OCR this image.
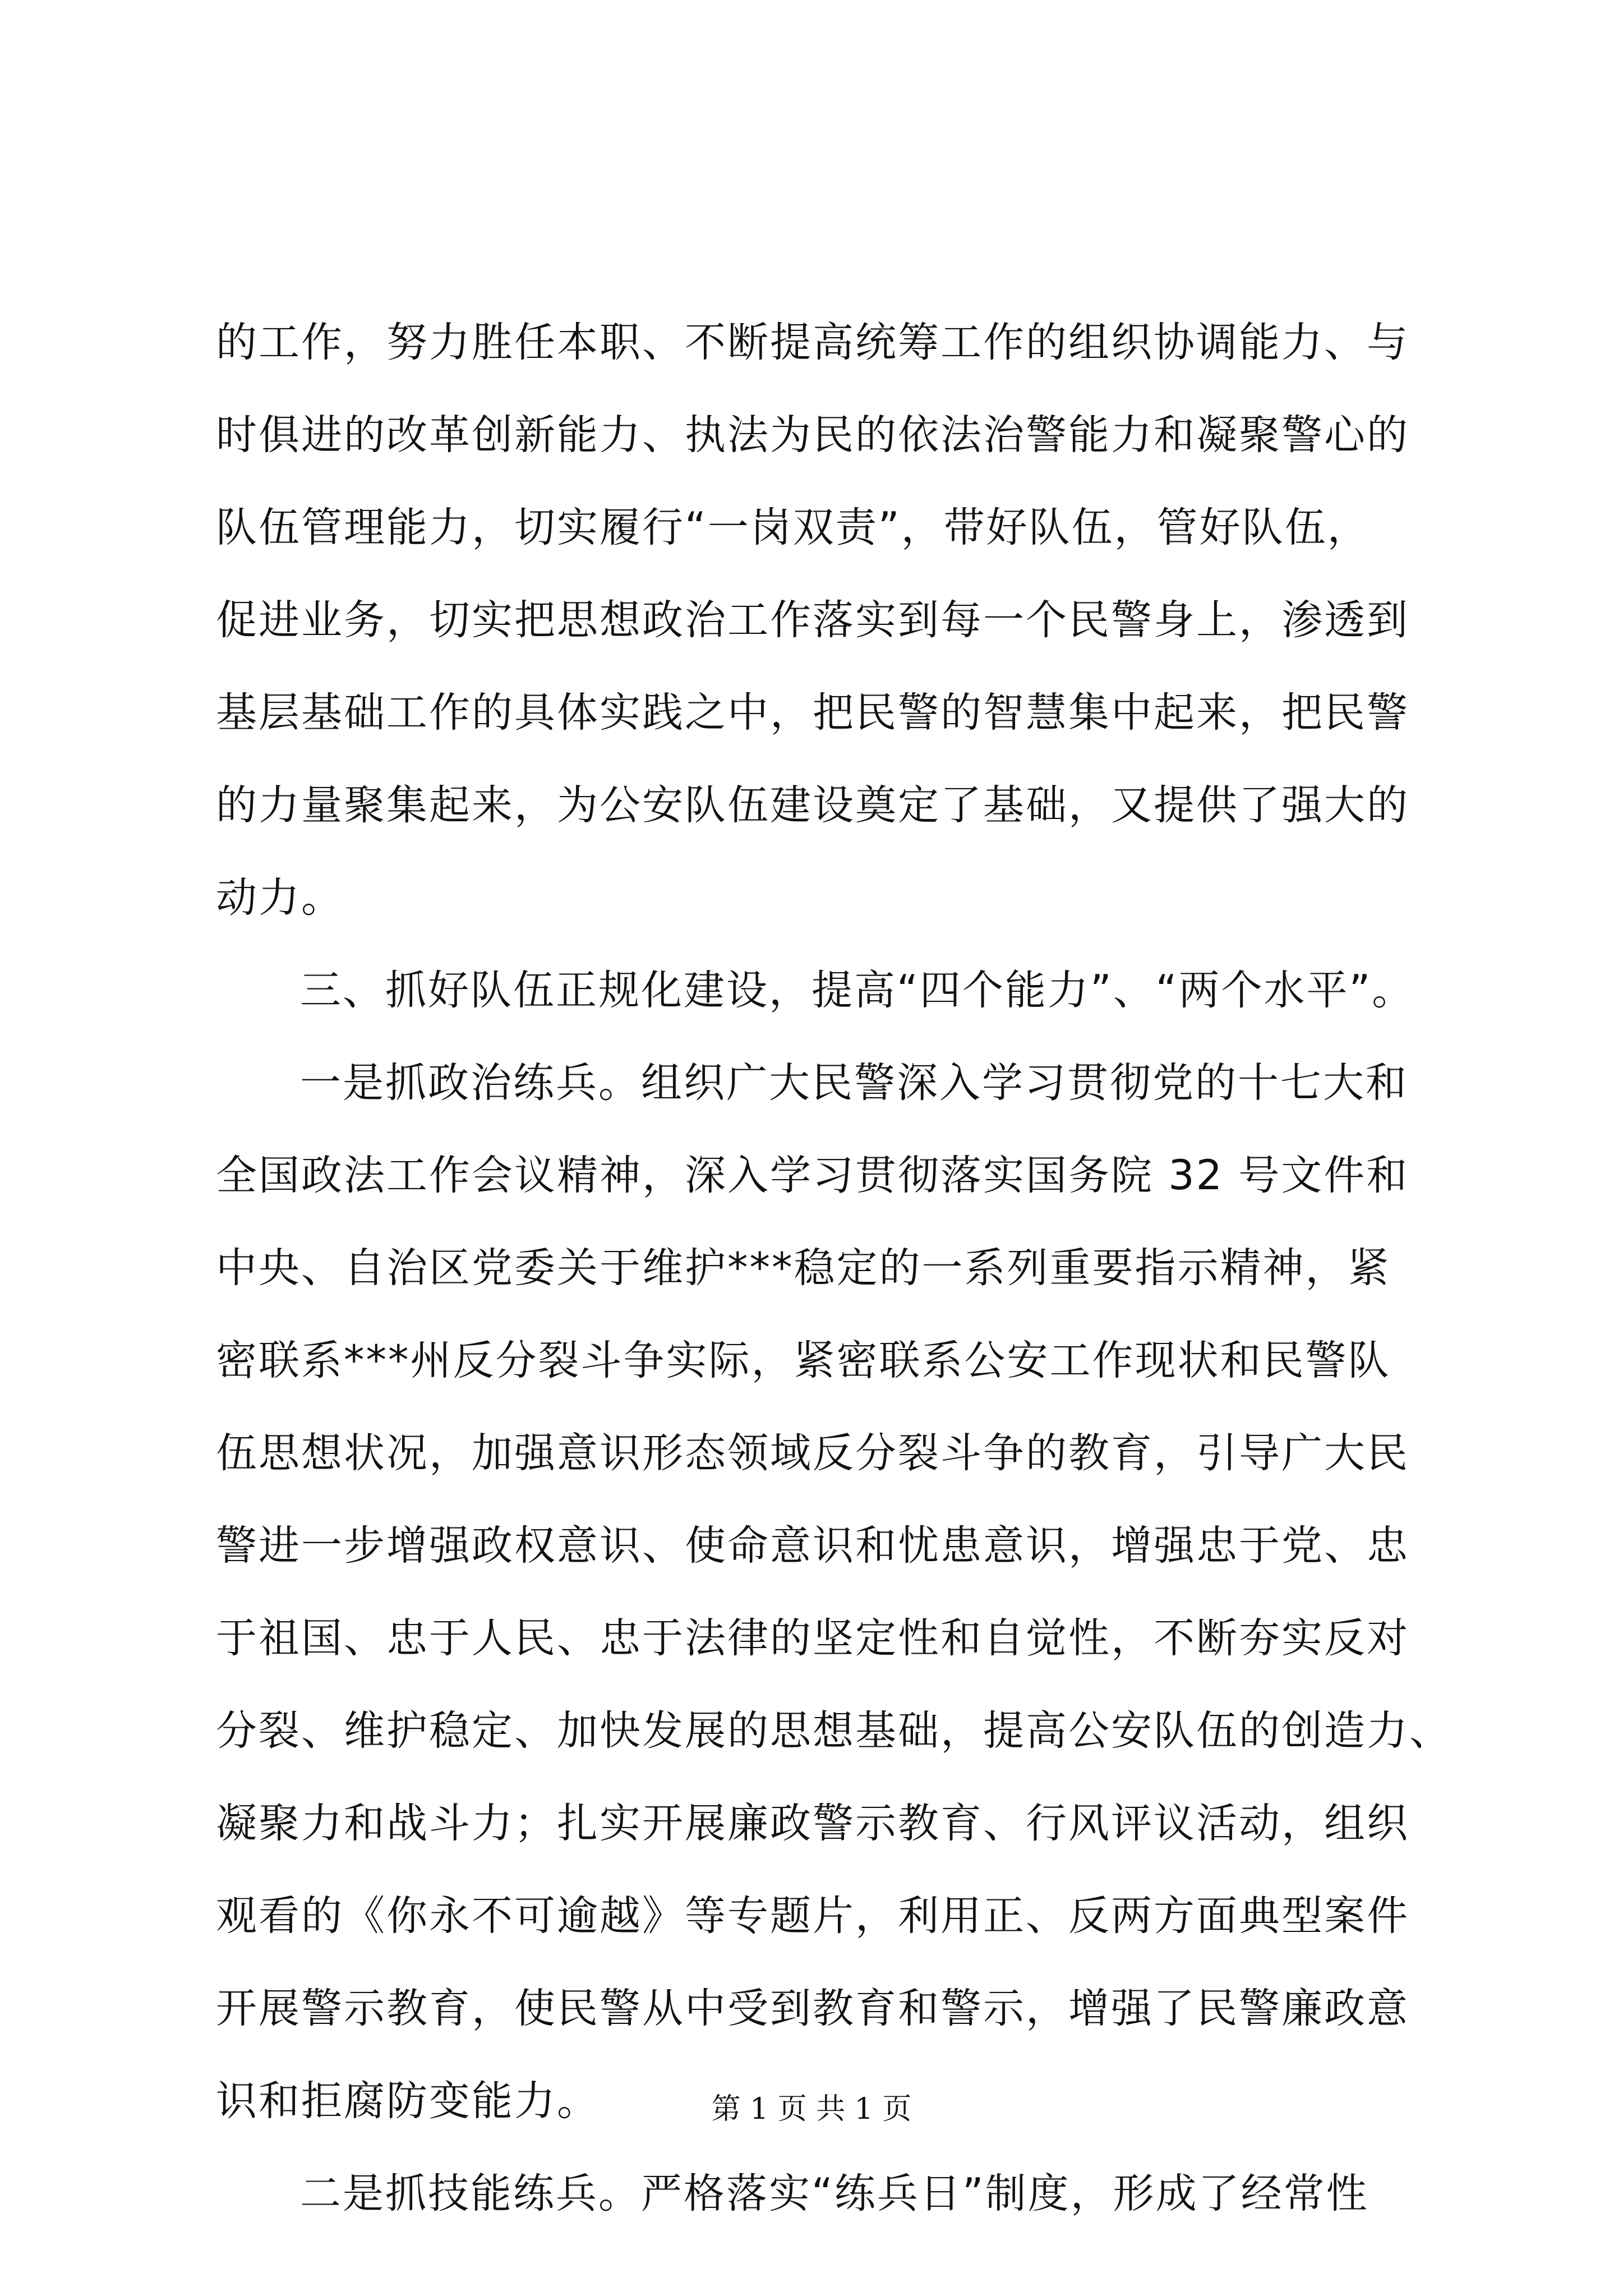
的工作，努力胜任本职、不断提高统筹工作的组织协调能力、与
时俱进的改革创新能力、执法为民的依法治警能力和凝聚警心的
队伍管理能力，切实履行“一岗双责”，带好队伍，管好队伍，
促进业务，切实把思想政治工作落实到每一个民警身上，渗透到
基层基础工作的具体实践之中，把民警的智慧集中起来，把民警
的力量聚集起来，为公安队伍建设奠定了基础，又提供了强大的
动力。
三、抓好队伍正规化建设，提高“四个能力”、“两个水平”。
一是抓政治练兵。组织广大民警深入学习贯彻党的十七大和
全国政法工作会议精神，深入学习贯彻落实国务院 32 号文件和
中央、自治区党委关于维护***稳定的一系列重要指示精神，紧
密联系***州反分裂斗争实际，紧密联系公安工作现状和民警队
伍思想状况，加强意识形态领域反分裂斗争的教育，引导广大民
警进一步增强政权意识、使命意识和忧患意识，增强忠于党、忠
于祖国、忠于人民、忠于法律的坚定性和自觉性，不断夯实反对
分裂、维护稳定、加快发展的思想基础，提高公安队伍的创造力、
凝聚力和战斗力；扎实开展廉政警示教育、行风评议活动，组织
观看的《你永不可逾越》等专题片，利用正、反两方面典型案件
开展警示教育，使民警从中受到教育和警示，增强了民警廉政意
识和拒腐防变能力。
二是抓技能练兵。严格落实“练兵日”制度，形成了经常性
第 1 页 共 1 页
